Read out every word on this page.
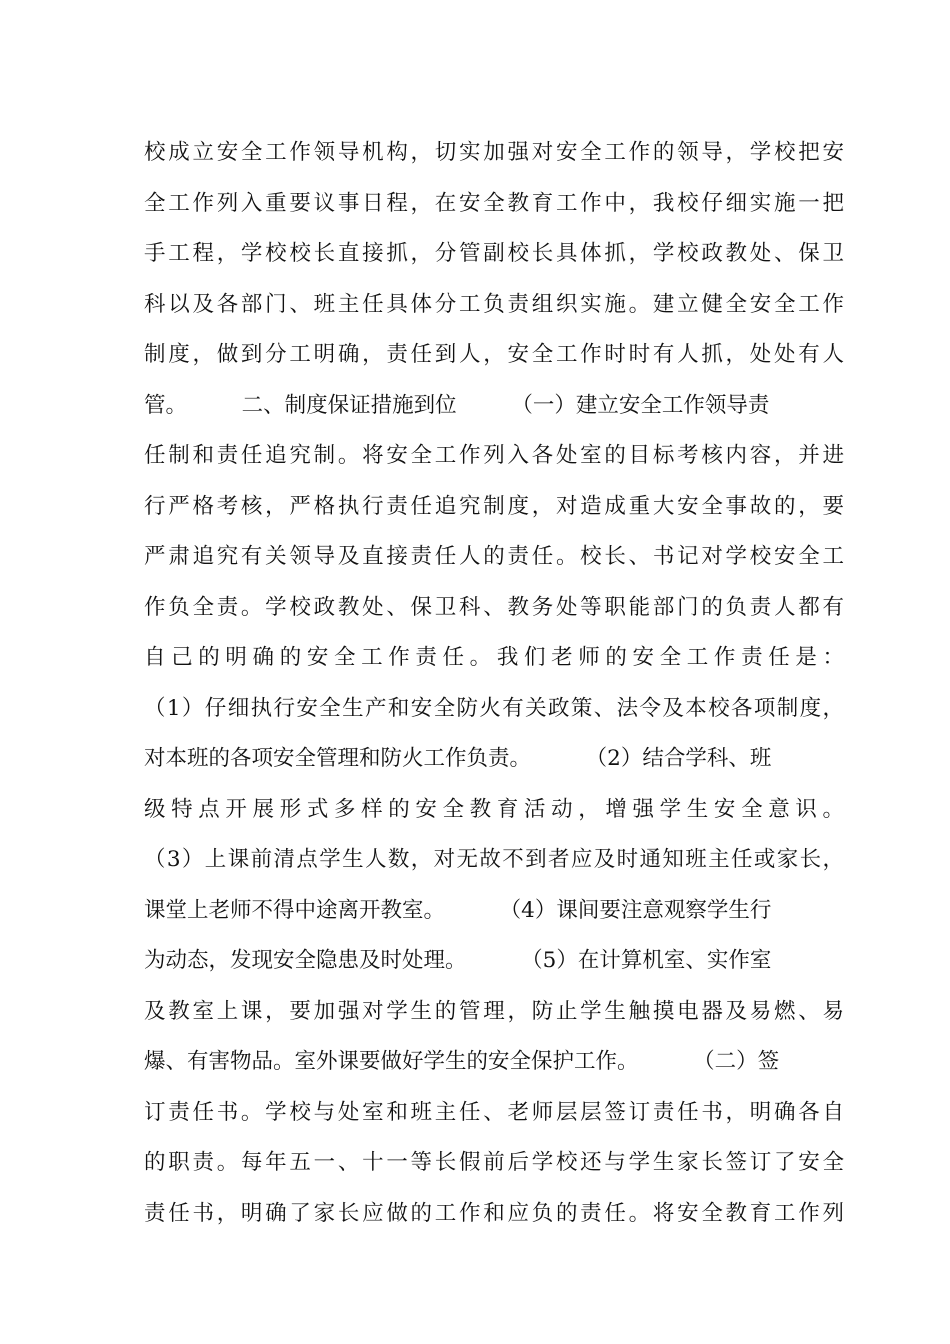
校成立安全工作领导机构，切实加强对安全工作的领导，学校把安
全工作列入重要议事日程，在安全教育工作中，我校仔细实施一把
手工程，学校校长直接抓，分管副校长具体抓，学校政教处、保卫
科以及各部门、班主任具体分工负责组织实施。建立健全安全工作
制度，做到分工明确，责任到人，安全工作时时有人抓，处处有人
管。        二、制度保证措施到位        （一）建立安全工作领导责
任制和责任追究制。将安全工作列入各处室的目标考核内容，并进
行严格考核，严格执行责任追究制度，对造成重大安全事故的，要
严肃追究有关领导及直接责任人的责任。校长、书记对学校安全工
作负全责。学校政教处、保卫科、教务处等职能部门的负责人都有
自己的明确的安全工作责任。我们老师的安全工作责任是：
（1）仔细执行安全生产和安全防火有关政策、法令及本校各项制度，
对本班的各项安全管理和防火工作负责。        （2）结合学科、班
级特点开展形式多样的安全教育活动，增强学生安全意识。
（3）上课前清点学生人数，对无故不到者应及时通知班主任或家长，
课堂上老师不得中途离开教室。        （4）课间要注意观察学生行
为动态，发现安全隐患及时处理。        （5）在计算机室、实作室
及教室上课，要加强对学生的管理，防止学生触摸电器及易燃、易
爆、有害物品。室外课要做好学生的安全保护工作。        （二）签
订责任书。学校与处室和班主任、老师层层签订责任书，明确各自
的职责。每年五一、十一等长假前后学校还与学生家长签订了安全
责任书，明确了家长应做的工作和应负的责任。将安全教育工作列
